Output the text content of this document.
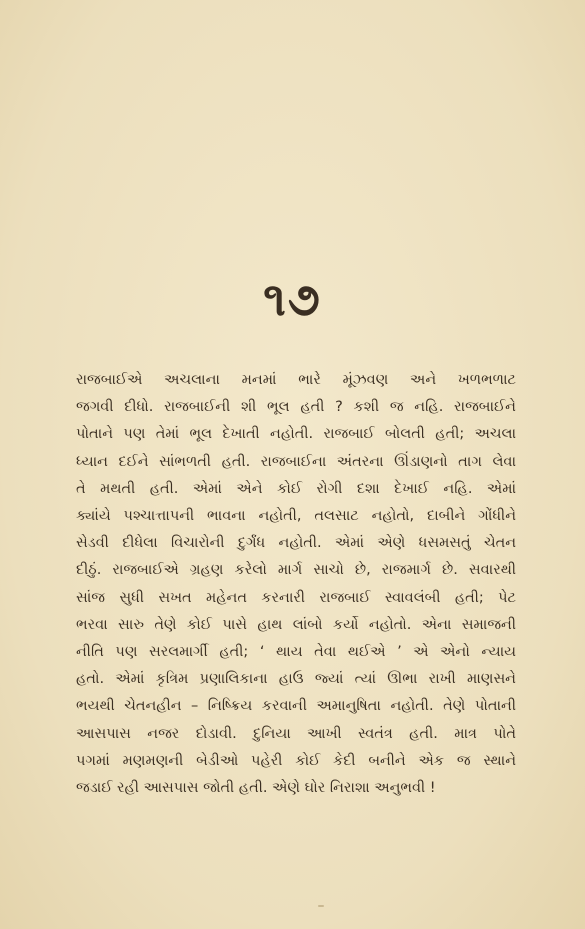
૧૭
રાજબાઈએ અચલાના મનમાં ભારે મૂંઝવણ અને ખળભળાટ
જગવી દીધો. રાજબાઈની શી ભૂલ હતી ? કશી જ નહિ. રાજબાઈને
પોતાને પણ તેમાં ભૂલ દેખાતી નહોતી. રાજબાઈ બોલતી હતી; અચલા
ધ્યાન દઈને સાંભળતી હતી. રાજબાઈના અંતરના ઊંડાણનો તાગ લેવા
તે મથતી હતી. એમાં એને કોઈ રોગી દશા દેખાઈ નહિ. એમાં
ક્યાંયે પશ્ચાત્તાપની ભાવના નહોતી, તલસાટ નહોતો, દાબીને ગોંધીને
સેડવી દીધેલા વિચારોની દુર્ગંધ નહોતી. એમાં એણે ધસમસતું ચેતન
દીઠું. રાજબાઈએ ગ્રહણ કરેલો માર્ગ સાચો છે, રાજમાર્ગ છે. સવારથી
સાંજ સુધી સખત મહેનત કરનારી રાજબાઈ સ્વાવલંબી હતી; પેટ
ભરવા સારુ તેણે કોઈ પાસે હાથ લાંબો કર્યો નહોતો. એના સમાજની
નીતિ પણ સરલમાર્ગી હતી; ‘ થાય તેવા થઈએ ’ એ એનો ન્યાય
હતો. એમાં કૃત્રિમ પ્રણાલિકાના હાઉ જ્યાં ત્યાં ઊભા રાખી માણસને
ભયથી ચેતનહીન – નિષ્ક્રિય કરવાની અમાનુષિતા નહોતી. તેણે પોતાની
આસપાસ નજર દોડાવી. દુનિયા આખી સ્વતંત્ર હતી. માત્ર પોતે
પગમાં મણમણની બેડીઓ પહેરી કોઈ કેદી બનીને એક જ સ્થાને
જડાઈ રહી આસપાસ જોતી હતી. એણે ઘોર નિરાશા અનુભવી !
